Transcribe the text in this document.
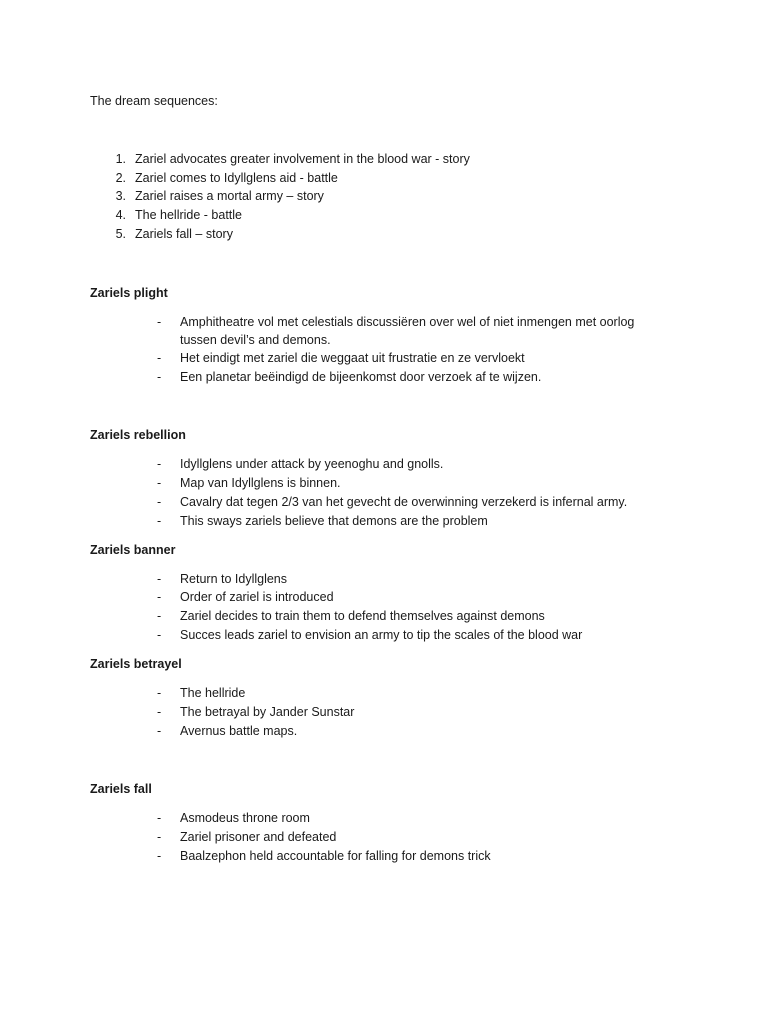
The dream sequences:
1. Zariel advocates greater involvement in the blood war - story
2. Zariel comes to Idyllglens aid - battle
3. Zariel raises a mortal army – story
4. The hellride - battle
5. Zariels fall – story
Zariels plight
- Amphitheatre vol met celestials discussiëren over wel of niet inmengen met oorlog
tussen devil’s and demons.
- Het eindigt met zariel die weggaat uit frustratie en ze vervloekt
- Een planetar beëindigd de bijeenkomst door verzoek af te wijzen.
Zariels rebellion
- Idyllglens under attack by yeenoghu and gnolls.
- Map van Idyllglens is binnen.
- Cavalry dat tegen 2/3 van het gevecht de overwinning verzekerd is infernal army.
- This sways zariels believe that demons are the problem
Zariels banner
- Return to Idyllglens
- Order of zariel is introduced
- Zariel decides to train them to defend themselves against demons
- Succes leads zariel to envision an army to tip the scales of the blood war
Zariels betrayel
- The hellride
- The betrayal by Jander Sunstar
- Avernus battle maps.
Zariels fall
- Asmodeus throne room
- Zariel prisoner and defeated
- Baalzephon held accountable for falling for demons trick
